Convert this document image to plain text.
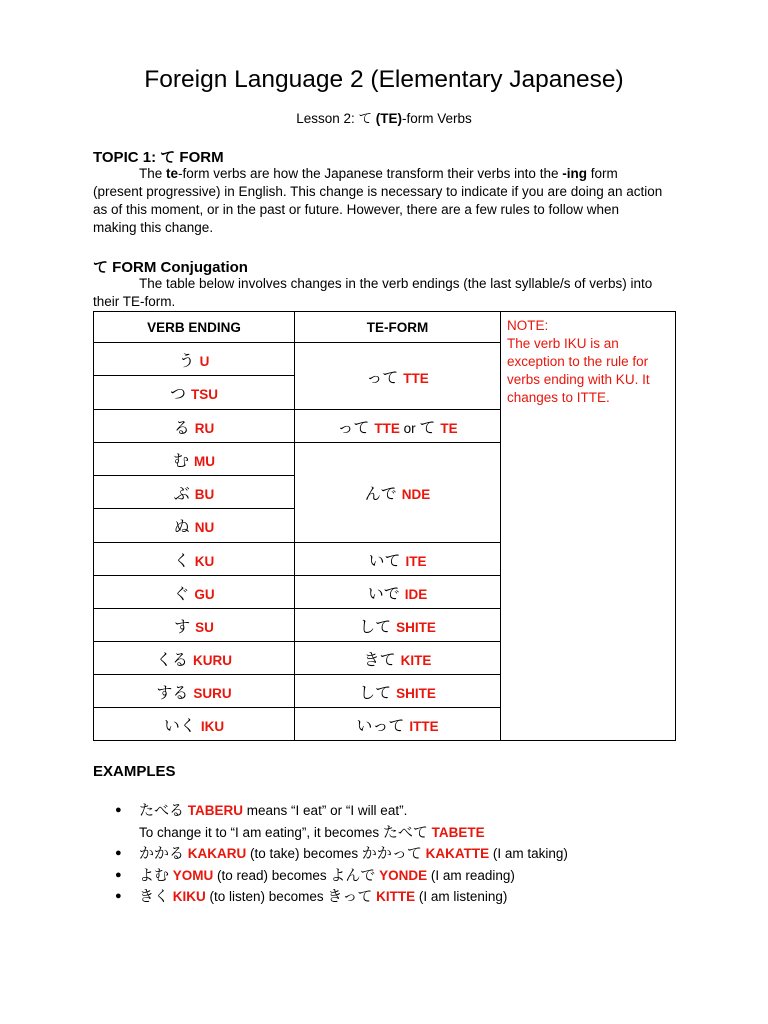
Foreign Language 2 (Elementary Japanese)
Lesson 2: て (TE)-form Verbs
TOPIC 1: て FORM

The te-form verbs are how the Japanese transform their verbs into the -ing form (present progressive) in English. This change is necessary to indicate if you are doing an action as of this moment, or in the past or future. However, there are a few rules to follow when making this change.

て FORM Conjugation

The table below involves changes in the verb endings (the last syllable/s of verbs) into their TE-form.

VERB ENDING	TE-FORM	NOTE:
The verb IKU is an exception to the rule for verbs ending with KU. It changes to ITTE.

う U	って TTE	
つ TSU		
る RU	って TTE or て TE	
む MU	んで NDE	
ぶ BU		
ぬ NU		
く KU	いて ITE	
ぐ GU	いで IDE	
す SU	して SHITE	
くる KURU	きて KITE	
する SURU	して SHITE	
いく IKU	いって ITTE	
EXAMPLES
● たべる TABERU means “I eat” or “I will eat”.
To change it to “I am eating”, it becomes たべて TABETE
● かかる KAKARU (to take) becomes かかって KAKATTE (I am taking)
● よむ YOMU (to read) becomes よんで YONDE (I am reading)
● きく KIKU (to listen) becomes きって KITTE (I am listening)
